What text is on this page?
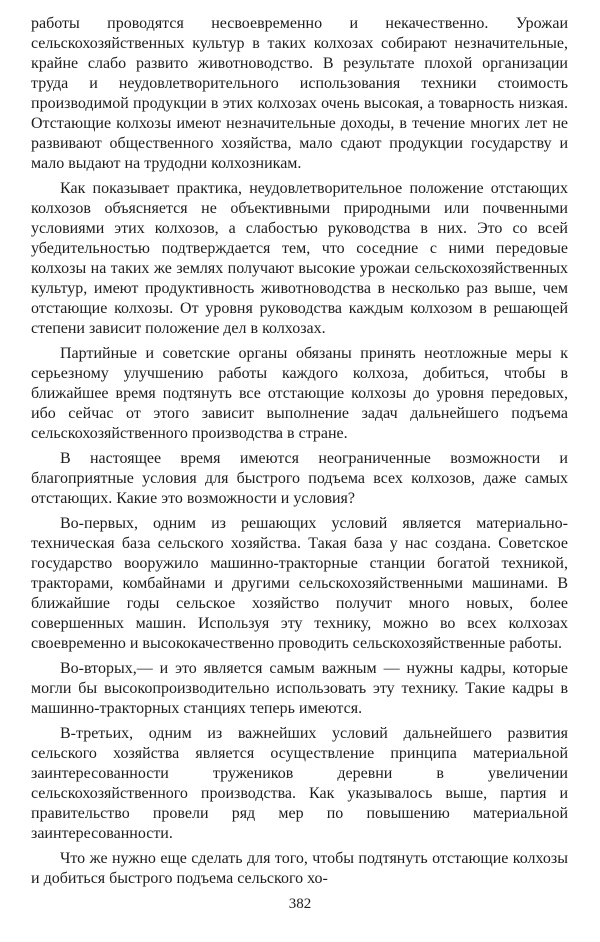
работы проводятся несвоевременно и некачественно. Урожаи сельскохозяйственных культур в таких колхозах собирают незначительные, крайне слабо развито животноводство. В результате плохой организации труда и неудовлетворительного использования техники стоимость производимой продукции в этих колхозах очень высокая, а товарность низкая. Отстающие колхозы имеют незначительные доходы, в течение многих лет не развивают общественного хозяйства, мало сдают продукции государству и мало выдают на трудодни колхозникам.

Как показывает практика, неудовлетворительное положение отстающих колхозов объясняется не объективными природными или почвенными условиями этих колхозов, а слабостью руководства в них. Это со всей убедительностью подтверждается тем, что соседние с ними передовые колхозы на таких же землях получают высокие урожаи сельскохозяйственных культур, имеют продуктивность животноводства в несколько раз выше, чем отстающие колхозы. От уровня руководства каждым колхозом в решающей степени зависит положение дел в колхозах.

Партийные и советские органы обязаны принять неотложные меры к серьезному улучшению работы каждого колхоза, добиться, чтобы в ближайшее время подтянуть все отстающие колхозы до уровня передовых, ибо сейчас от этого зависит выполнение задач дальнейшего подъема сельскохозяйственного производства в стране.

В настоящее время имеются неограниченные возможности и благоприятные условия для быстрого подъема всех колхозов, даже самых отстающих. Какие это возможности и условия?

Во-первых, одним из решающих условий является материально-техническая база сельского хозяйства. Такая база у нас создана. Советское государство вооружило машинно-тракторные станции богатой техникой, тракторами, комбайнами и другими сельскохозяйственными машинами. В ближайшие годы сельское хозяйство получит много новых, более совершенных машин. Используя эту технику, можно во всех колхозах своевременно и высококачественно проводить сельскохозяйственные работы.

Во-вторых,— и это является самым важным — нужны кадры, которые могли бы высокопроизводительно использовать эту технику. Такие кадры в машинно-тракторных станциях теперь имеются.

В-третьих, одним из важнейших условий дальнейшего развития сельского хозяйства является осуществление принципа материальной заинтересованности тружеников деревни в увеличении сельскохозяйственного производства. Как указывалось выше, партия и правительство провели ряд мер по повышению материальной заинтересованности.

Что же нужно еще сделать для того, чтобы подтянуть отстающие колхозы и добиться быстрого подъема сельского хо-

382
